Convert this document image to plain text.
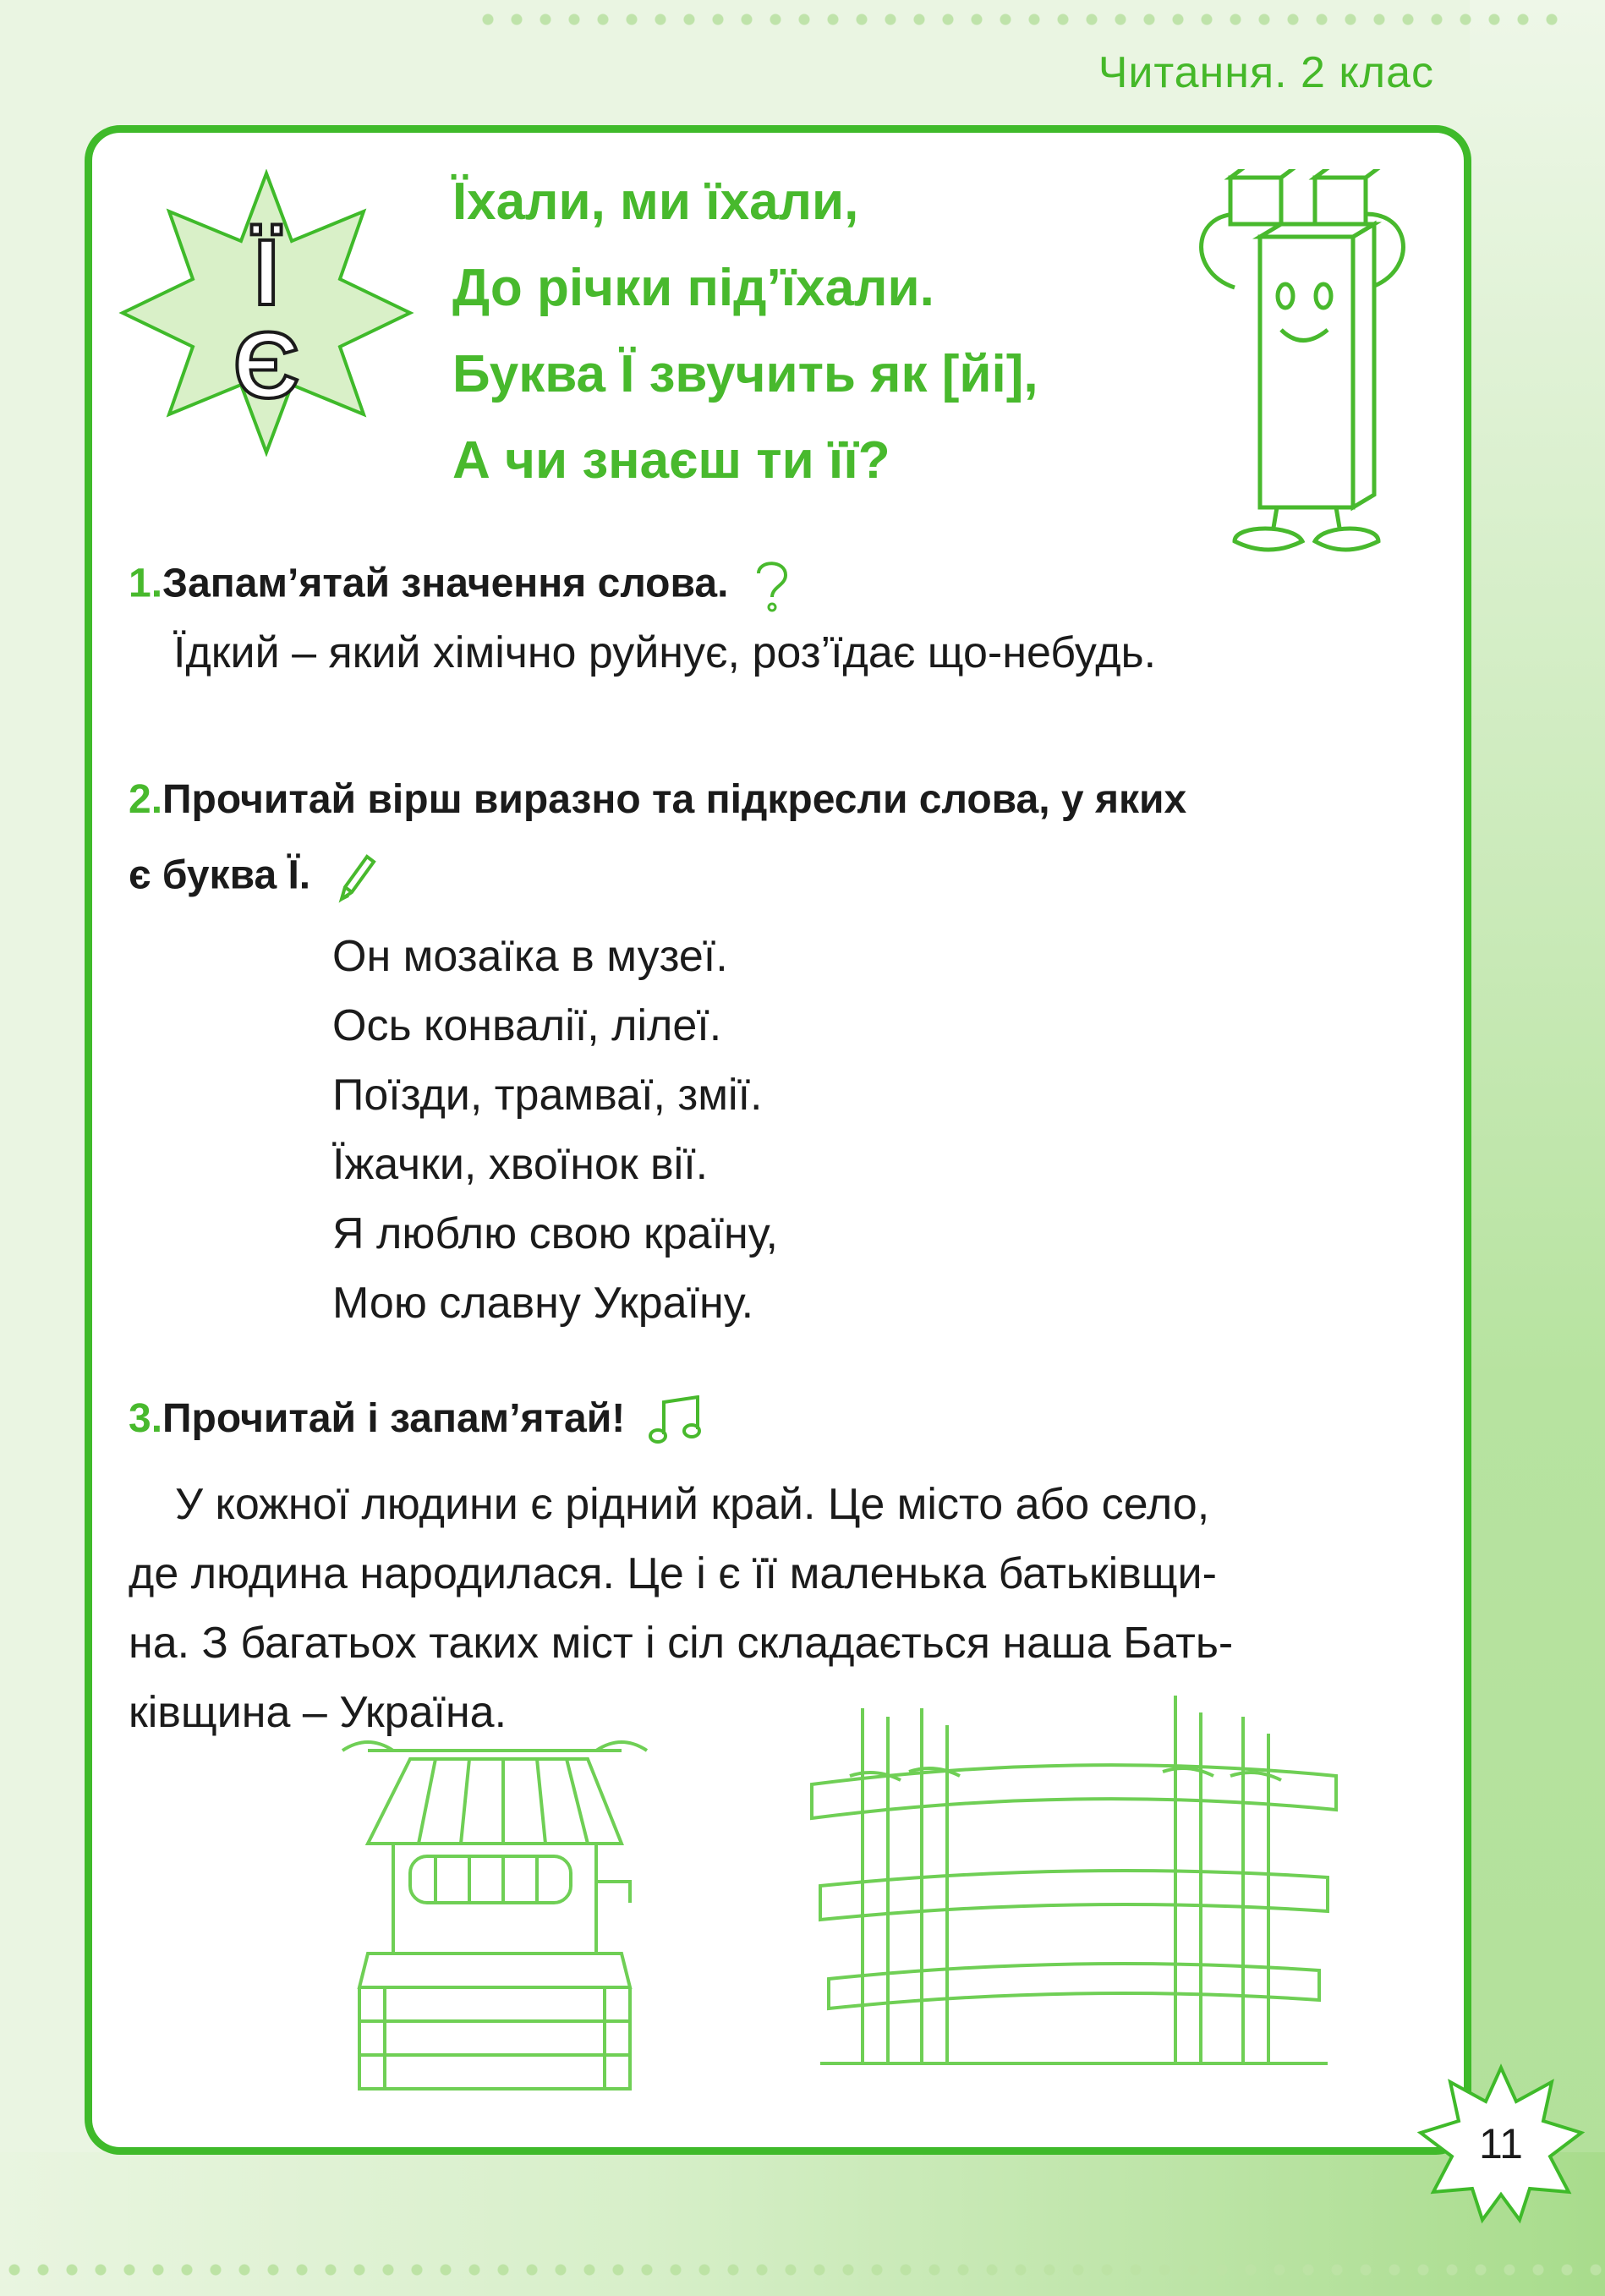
Читання. 2 клас
Ї
Є
Їхали, ми їхали,
До річки під’їхали.
Буква Ї звучить як [йі],
А чи знаєш ти її?
1.Запам’ятай значення слова.
Їдкий – який хімічно руйнує, роз’їдає що-небудь.
2.Прочитай вірш виразно та підкресли слова, у яких
є буква Ї.
Он мозаїка в музеї.
Ось конвалії, лілеї.
Поїзди, трамваї, змії.
Їжачки, хвоїнок вії.
Я люблю свою країну,
Мою славну Україну.
3.Прочитай і запам’ятай!
У кожної людини є рідний край. Це місто або село,
де людина народилася. Це і є її маленька батьківщи-
на. З багатьох таких міст і сіл складається наша Бать-
ківщина – Україна.
11
